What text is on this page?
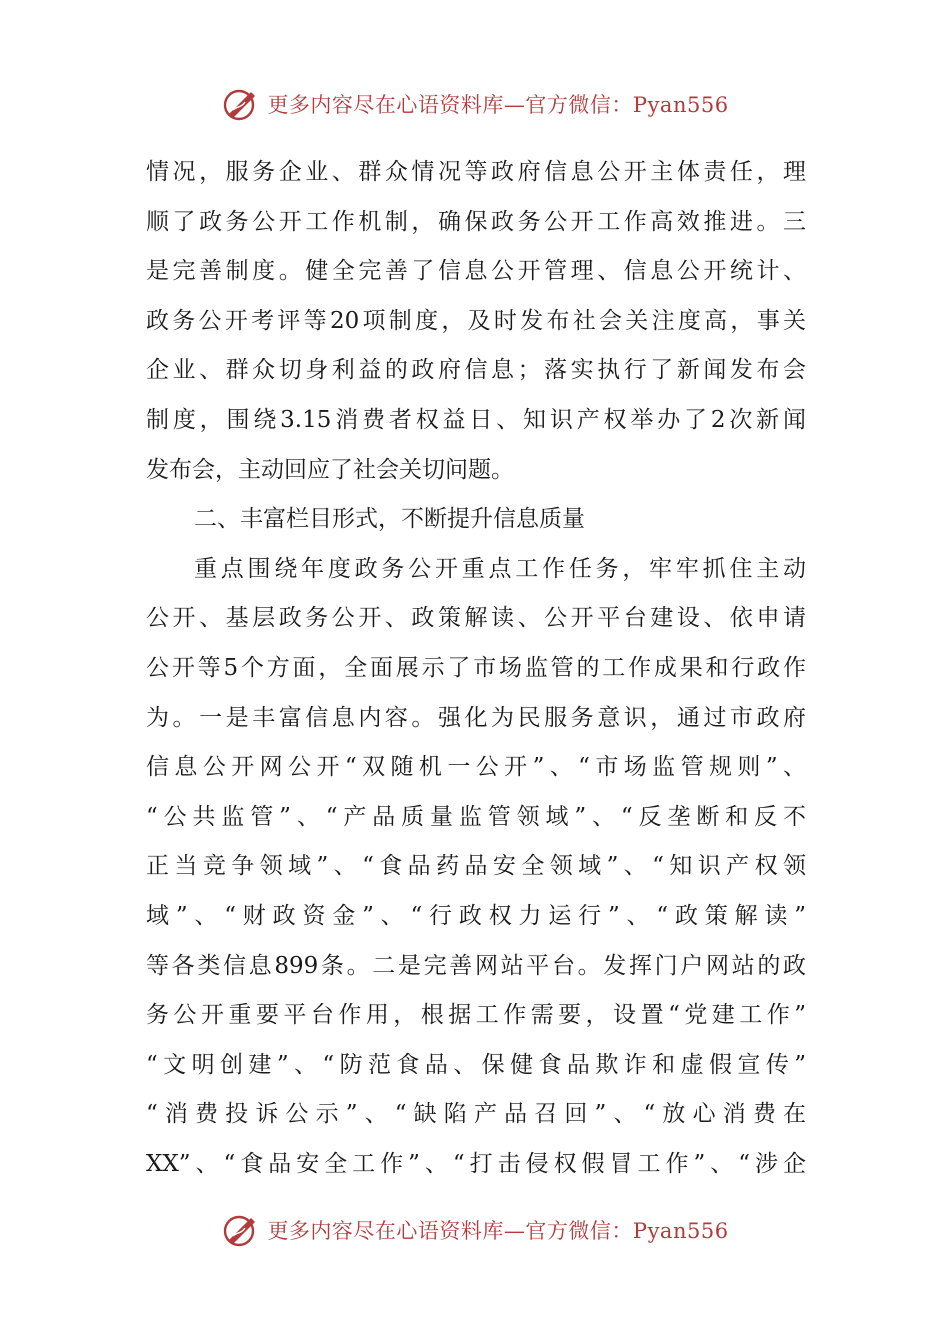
更多内容尽在心语资料库—官方微信：Pyan556
情况，服务企业、群众情况等政府信息公开主体责任，理
顺了政务公开工作机制，确保政务公开工作高效推进。三
是完善制度。健全完善了信息公开管理、信息公开统计、
政务公开考评等20项制度，及时发布社会关注度高，事关
企业、群众切身利益的政府信息；落实执行了新闻发布会
制度，围绕3.15消费者权益日、知识产权举办了2次新闻
发布会，主动回应了社会关切问题。
二、丰富栏目形式，不断提升信息质量
重点围绕年度政务公开重点工作任务，牢牢抓住主动
公开、基层政务公开、政策解读、公开平台建设、依申请
公开等5个方面，全面展示了市场监管的工作成果和行政作
为。一是丰富信息内容。强化为民服务意识，通过市政府
信息公开网公开“双随机一公开”、“市场监管规则”、
“公共监管”、“产品质量监管领域”、“反垄断和反不
正当竞争领域”、“食品药品安全领域”、“知识产权领
域”、“财政资金”、“行政权力运行”、“政策解读”
等各类信息899条。二是完善网站平台。发挥门户网站的政
务公开重要平台作用，根据工作需要，设置“党建工作”
“文明创建”、“防范食品、保健食品欺诈和虚假宣传”
“消费投诉公示”、“缺陷产品召回”、“放心消费在
XX”、“食品安全工作”、“打击侵权假冒工作”、“涉企
更多内容尽在心语资料库—官方微信：Pyan556
